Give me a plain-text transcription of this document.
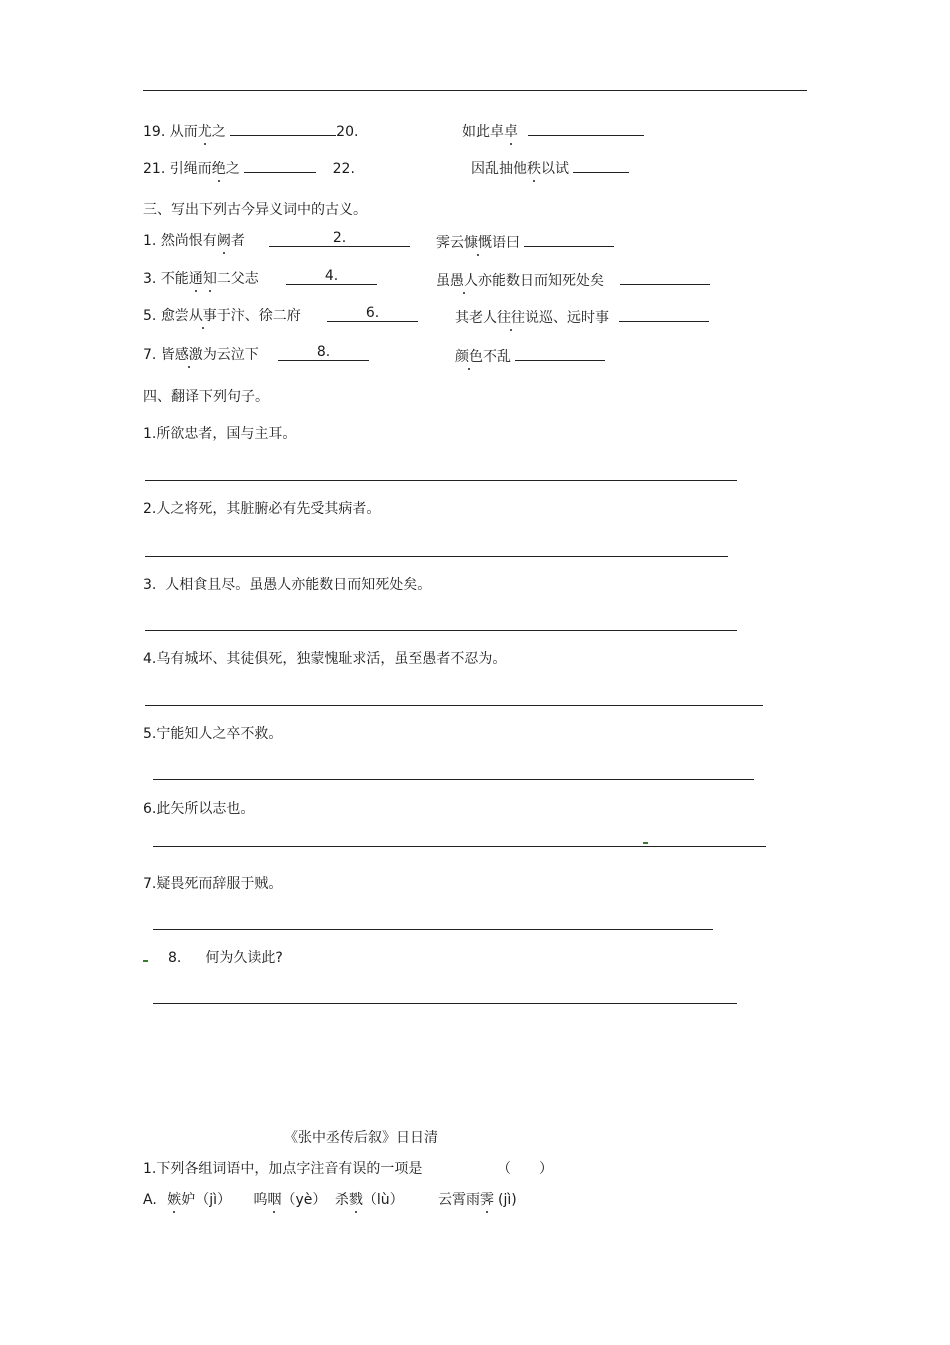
19. 从而尤之	20.	如此卓卓
21. 引绳而绝之	22.	因乱抽他秩以试
三、写出下列古今异义词中的古义。
1. 然尚恨有阙者	2.	霁云慷慨语曰
3. 不能通知二父志	4.	虽愚人亦能数日而知死处矣
5. 愈尝从事于汴、徐二府	6.	其老人往往说巡、远时事
7. 皆感激为云泣下	8.	颜色不乱
四、翻译下列句子。
1.所欲忠者，国与主耳。
2.人之将死，其脏腑必有先受其病者。
3. 人相食且尽。虽愚人亦能数日而知死处矣。
4.乌有城坏、其徒俱死，独蒙愧耻求活，虽至愚者不忍为。
5.宁能知人之卒不救。
6.此矢所以志也。
7.疑畏死而辞服于贼。
8. 何为久读此?
《张中丞传后叙》日日清
1.下列各组词语中，加点字注音有误的一项是	（　　）
A. 嫉妒（jì） 呜咽（yè） 杀戮（lù） 云霄雨霁 (jì)
